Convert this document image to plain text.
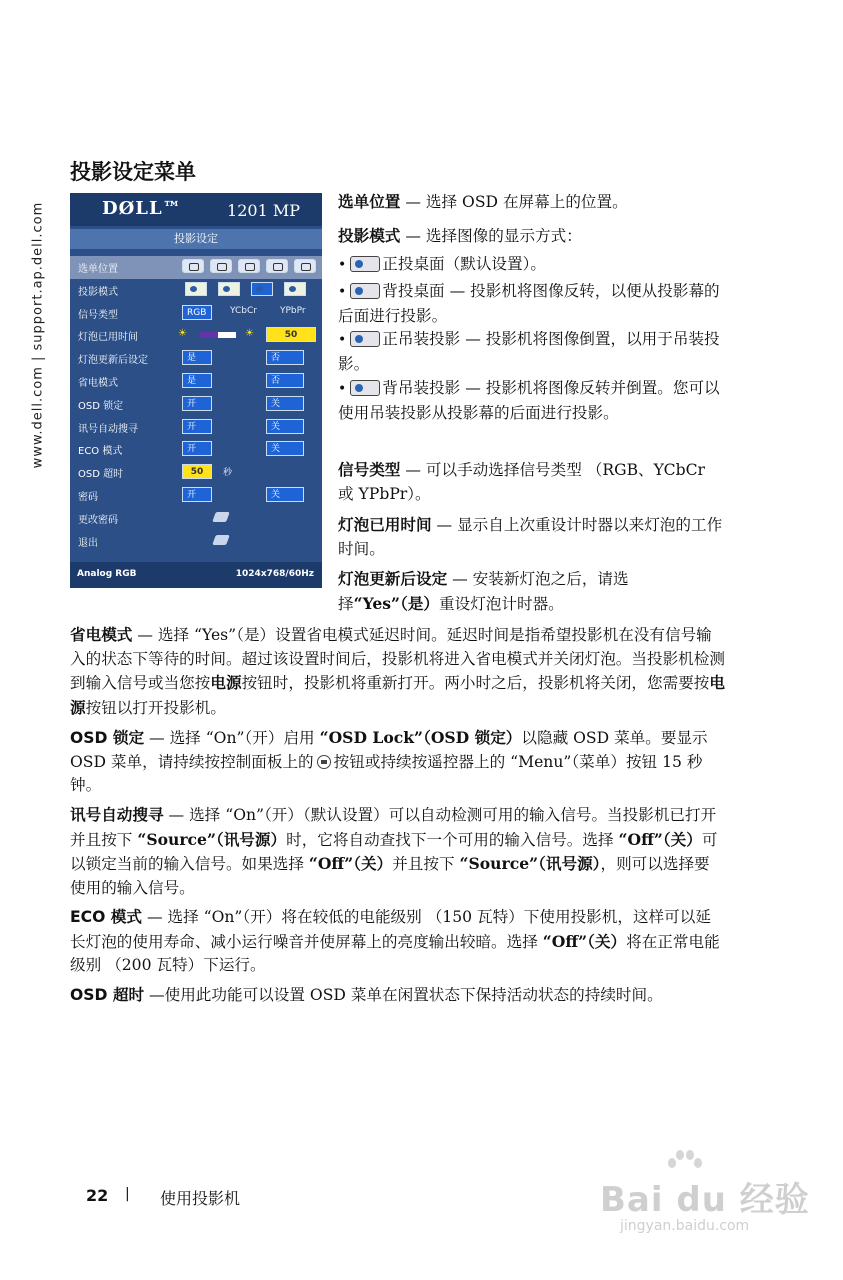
www.dell.com | support.ap.dell.com
投影设定菜单
DØLL™	1201 MP
投影设定
选单位置
投影模式
信号类型	RGB	YCbCr	YPbPr
灯泡已用时间	☀	☀	50
灯泡更新后设定	是	否
省电模式	是	否
OSD 锁定	开	关
讯号自动搜寻	开	关
ECO 模式	开	关
OSD 超时	50	秒
密码	开	关
更改密码
退出
Analog RGB	1024x768/60Hz

选单位置 — 选择 OSD 在屏幕上的位置。

投影模式 — 选择图像的显示方式：

• 正投桌面（默认设置）。

• 背投桌面 — 投影机将图像反转，以便从投影幕的后面进行投影。

• 正吊装投影 — 投影机将图像倒置，以用于吊装投影。

• 背吊装投影 — 投影机将图像反转并倒置。您可以使用吊装投影从投影幕的后面进行投影。

信号类型 — 可以手动选择信号类型 （RGB、YCbCr 或 YPbPr）。

灯泡已用时间 — 显示自上次重设计时器以来灯泡的工作时间。

灯泡更新后设定 — 安装新灯泡之后，请选择“Yes”（是）重设灯泡计时器。

省电模式 — 选择 “Yes”（是）设置省电模式延迟时间。延迟时间是指希望投影机在没有信号输入的状态下等待的时间。超过该设置时间后，投影机将进入省电模式并关闭灯泡。当投影机检测到输入信号或当您按电源按钮时，投影机将重新打开。两小时之后，投影机将关闭，您需要按电源按钮以打开投影机。

OSD 锁定 — 选择 “On”（开）启用 “OSD Lock”（OSD 锁定）以隐藏 OSD 菜单。要显示 OSD 菜单，请持续按控制面板上的 按钮或持续按遥控器上的 “Menu”（菜单）按钮 15 秒钟。

讯号自动搜寻 — 选择 “On”（开）（默认设置）可以自动检测可用的输入信号。当投影机已打开并且按下 “Source”（讯号源）时，它将自动查找下一个可用的输入信号。选择 “Off”（关）可以锁定当前的输入信号。如果选择 “Off”（关）并且按下 “Source”（讯号源），则可以选择要使用的输入信号。

ECO 模式 — 选择 “On”（开）将在较低的电能级别 （150 瓦特）下使用投影机，这样可以延长灯泡的使用寿命、减小运行噪音并使屏幕上的亮度输出较暗。选择 “Off”（关）将在正常电能级别 （200 瓦特）下运行。

OSD 超时 —使用此功能可以设置 OSD 菜单在闲置状态下保持活动状态的持续时间。

22 | 使用投影机	Bai du 经验
jingyan.baidu.com
